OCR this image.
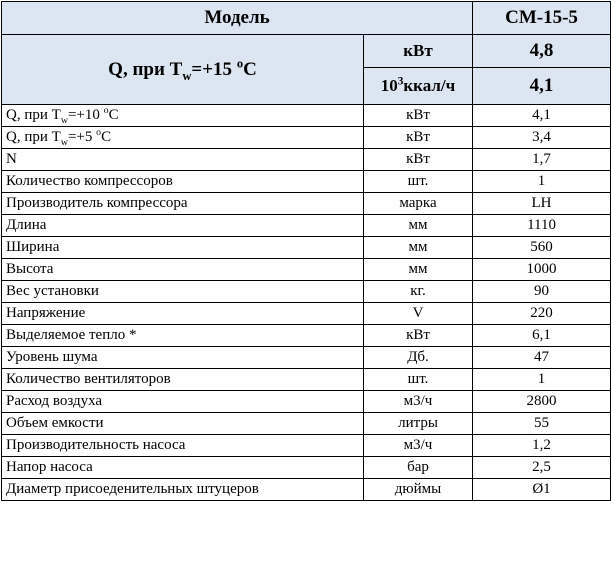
Модель		CM-15-5
Q, при $T_w=+15$ $^o$C	кВт	4,8
	$10^3ккал/ч$	4,1
Q, при $T_w=+10$ $^o$C	кВт	4,1
Q, при $T_w=+5$ $^o$C	кВт	3,4
N	кВт	1,7
Количество компрессоров	шт.	1
Производитель компрессора	марка	LH
Длина	мм	1110
Ширина	мм	560
Высота	мм	1000
Вес установки	кг.	90
Напряжение	V	220
Выделяемое тепло *	кВт	6,1
Уровень шума	Дб.	47
Количество вентиляторов	шт.	1
Расход воздуха	м3/ч	2800
Объем емкости	литры	55
Производительность насоса	м3/ч	1,2
Напор насоса	бар	2,5
Диаметр присоеденительных штуцеров	дюймы	Ø1
